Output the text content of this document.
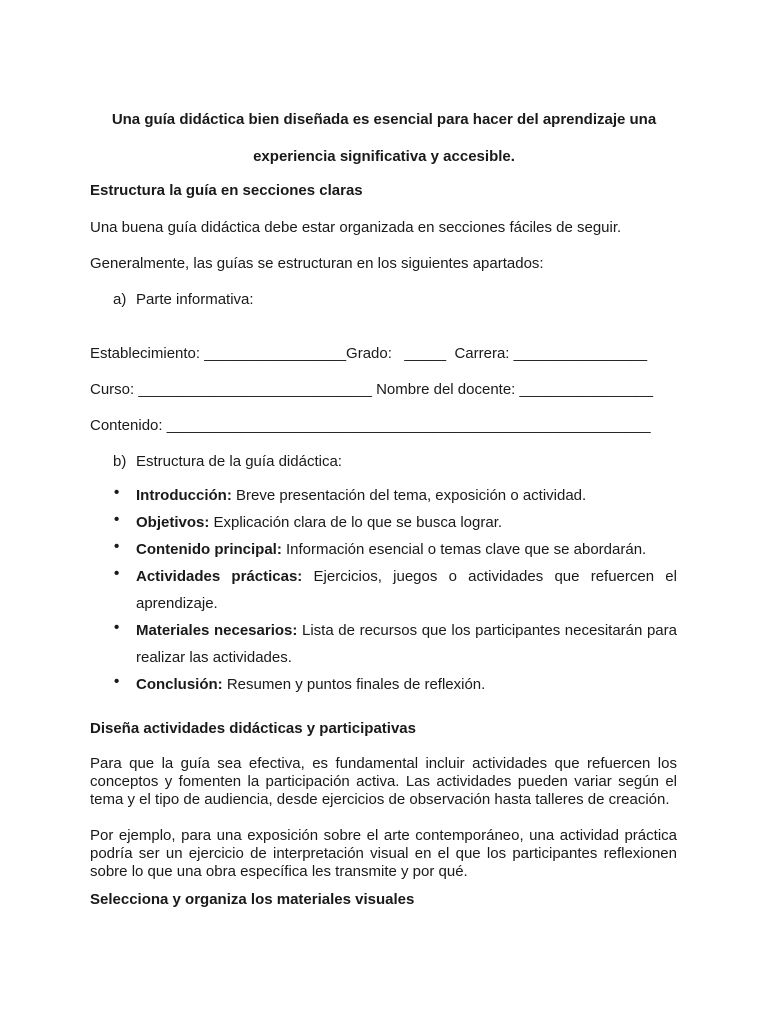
Una guía didáctica bien diseñada es esencial para hacer del aprendizaje una
experiencia significativa y accesible.
Estructura la guía en secciones claras
Una buena guía didáctica debe estar organizada en secciones fáciles de seguir.
Generalmente, las guías se estructuran en los siguientes apartados:
a) Parte informativa:
Establecimiento: _________________Grado:   _____  Carrera: ________________
Curso: ____________________________ Nombre del docente: ________________
Contenido: __________________________________________________________
b) Estructura de la guía didáctica:
• Introducción: Breve presentación del tema, exposición o actividad.
• Objetivos: Explicación clara de lo que se busca lograr.
• Contenido principal: Información esencial o temas clave que se abordarán.
• Actividades prácticas: Ejercicios, juegos o actividades que refuercen el aprendizaje.
• Materiales necesarios: Lista de recursos que los participantes necesitarán para realizar las actividades.
• Conclusión: Resumen y puntos finales de reflexión.
Diseña actividades didácticas y participativas
Para que la guía sea efectiva, es fundamental incluir actividades que refuercen los conceptos y fomenten la participación activa. Las actividades pueden variar según el tema y el tipo de audiencia, desde ejercicios de observación hasta talleres de creación.
Por ejemplo, para una exposición sobre el arte contemporáneo, una actividad práctica podría ser un ejercicio de interpretación visual en el que los participantes reflexionen sobre lo que una obra específica les transmite y por qué.
Selecciona y organiza los materiales visuales
